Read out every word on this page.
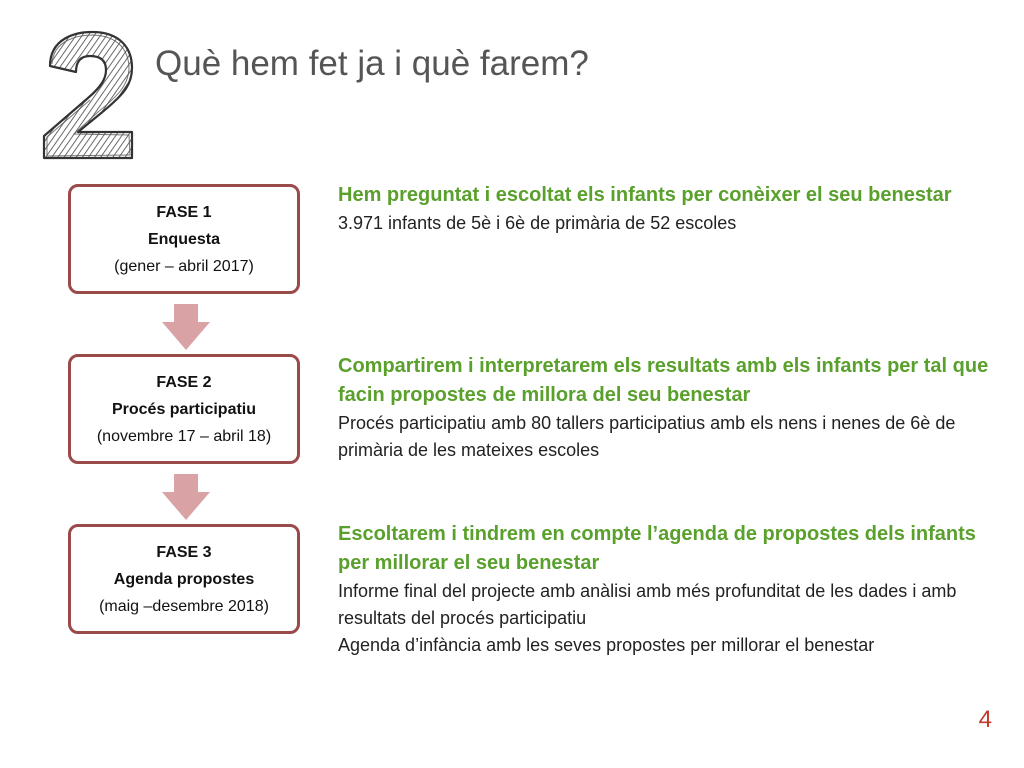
2
Què hem fet ja i què farem?
FASE 1
Enquesta
(gener – abril 2017)
FASE 2
Procés participatiu
(novembre 17 – abril 18)
FASE 3
Agenda propostes
(maig –desembre 2018)
Hem preguntat i escoltat els infants per conèixer el seu benestar
3.971 infants de 5è i 6è de primària de 52 escoles
Compartirem i interpretarem els resultats amb els infants per tal que facin propostes de millora del seu benestar
Procés participatiu amb 80 tallers participatius amb els nens i nenes de 6è de primària de les mateixes escoles
Escoltarem i tindrem en compte l’agenda de propostes dels infants per millorar el seu benestar
Informe final del projecte amb anàlisi amb més profunditat de les dades i amb resultats del procés participatiu
Agenda d’infància amb les seves propostes per millorar el benestar
4
